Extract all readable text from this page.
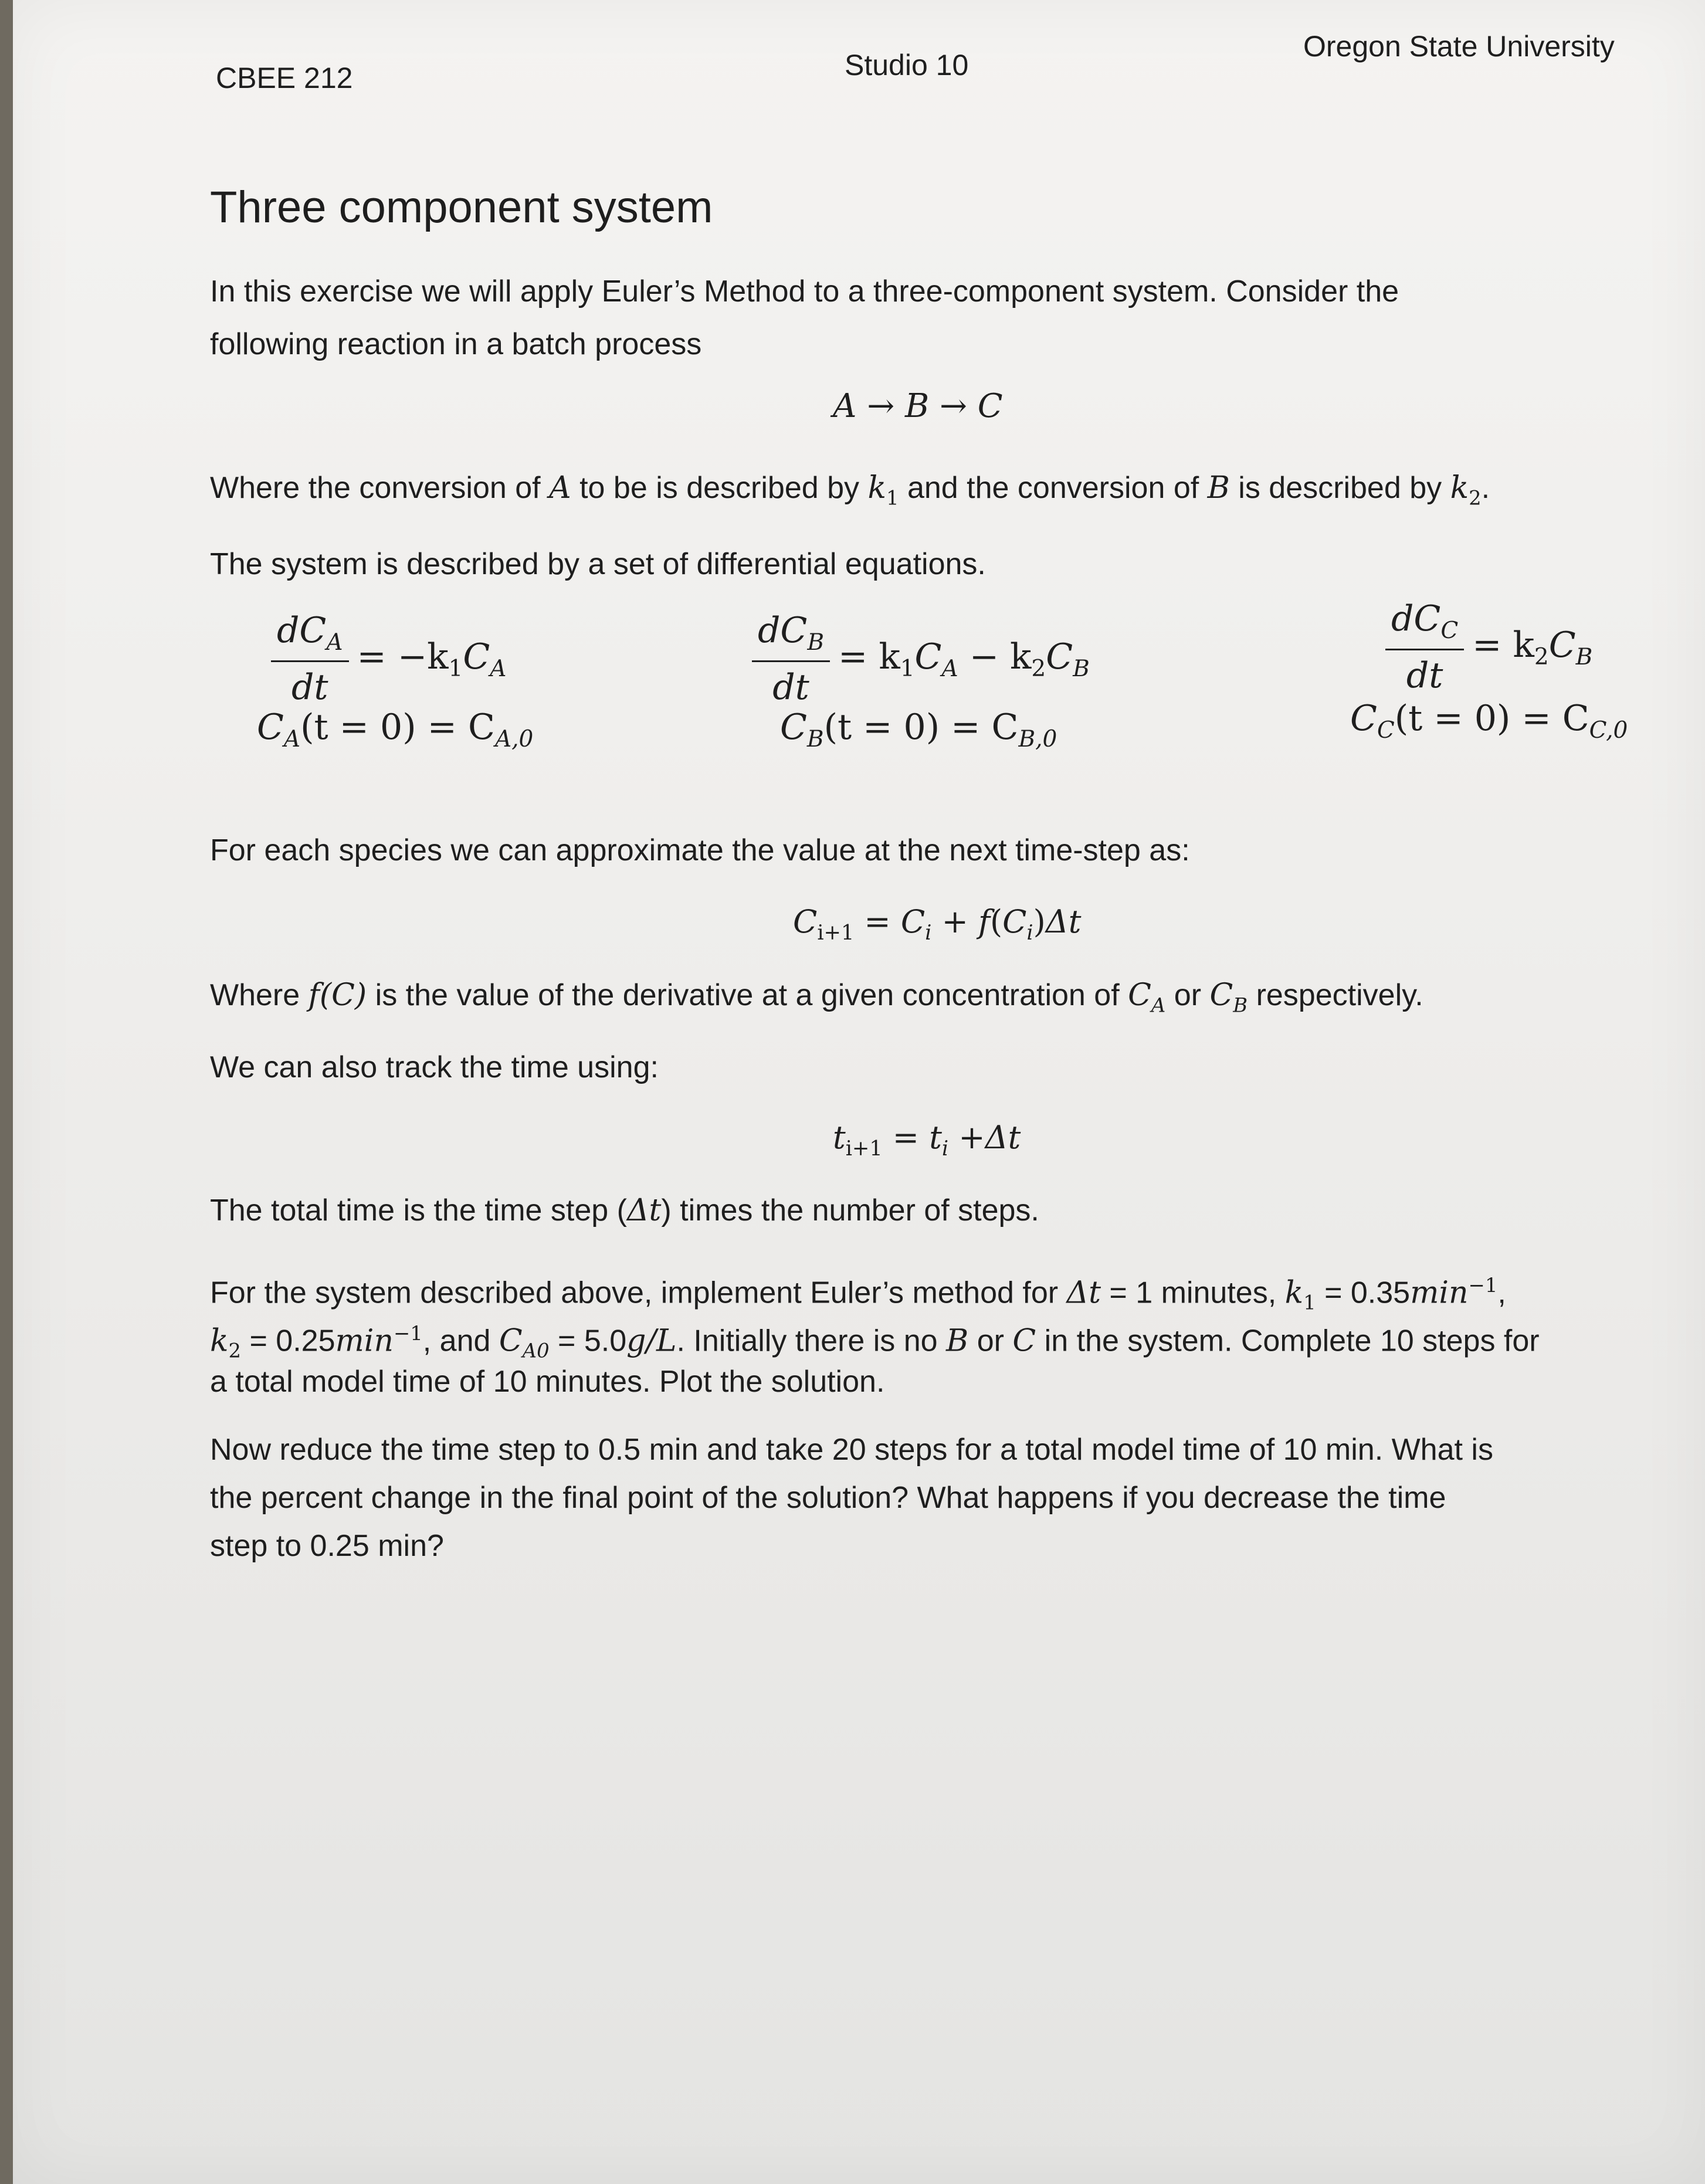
CBEE 212	Studio 10
Oregon State University
Three component system
In this exercise we will apply Euler’s Method to a three-component system. Consider the
following reaction in a batch process
A → B → C
Where the conversion of A to be is described by $k_1$ and the conversion of B is described by $k_2$.
The system is described by a set of differential equations.
$\frac{dC_A}{dt} = -k_1C_A$
$C_A(t = 0) = C_{A,0}$
$\frac{dC_B}{dt} = k_1C_A - k_2C_B$
$C_B(t = 0) = C_{B,0}$
$\frac{dC_C}{dt} = k_2C_B$
$C_C(t = 0) = C_{C,0}$
For each species we can approximate the value at the next time-step as:
$C_{i+1} = C_i + f(C_i)\Delta t$
Where f(C) is the value of the derivative at a given concentration of $C_A$ or $C_B$ respectively.
We can also track the time using:
$t_{i+1} = t_i +\Delta t$
The total time is the time step (Δt) times the number of steps.
For the system described above, implement Euler’s method for Δt = 1 minutes, $k_1 = 0.35\min^{-1}$,
$k_2 = 0.25\min^{-1}$, and $C_{A0} = 5.0g/L$. Initially there is no B or C in the system. Complete 10 steps for
a total model time of 10 minutes. Plot the solution.
Now reduce the time step to 0.5 min and take 20 steps for a total model time of 10 min. What is
the percent change in the final point of the solution? What happens if you decrease the time
step to 0.25 min?
